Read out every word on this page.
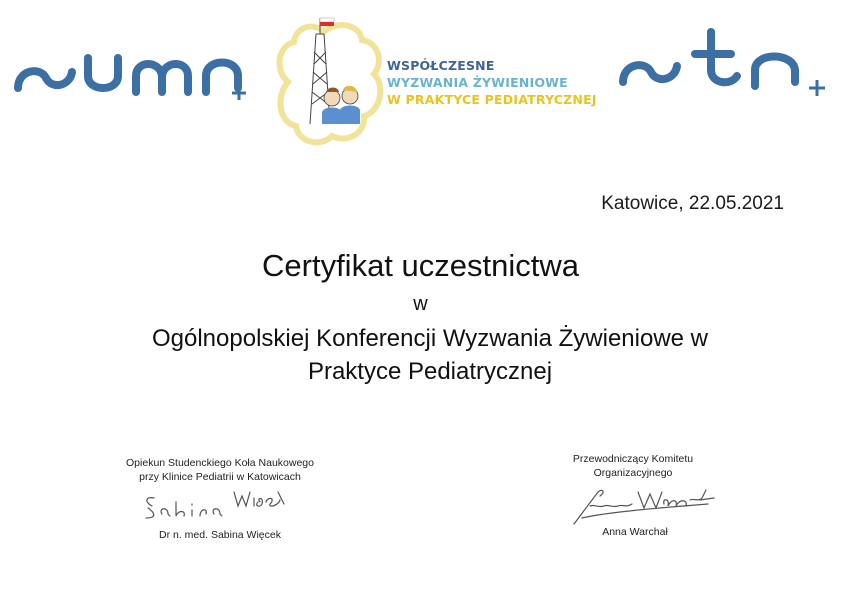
WSPÓŁCZESNE
WYZWANIA ŻYWIENIOWE
W PRAKTYCE PEDIATRYCZNEJ
Katowice, 22.05.2021
Certyfikat uczestnictwa
w
Ogólnopolskiej Konferencji Wyzwania Żywieniowe w
Praktyce Pediatrycznej
Opiekun Studenckiego Koła Naukowego
przy Klinice Pediatrii w Katowicach
Dr n. med. Sabina Więcek
Przewodniczący Komitetu
Organizacyjnego
Anna Warchał
